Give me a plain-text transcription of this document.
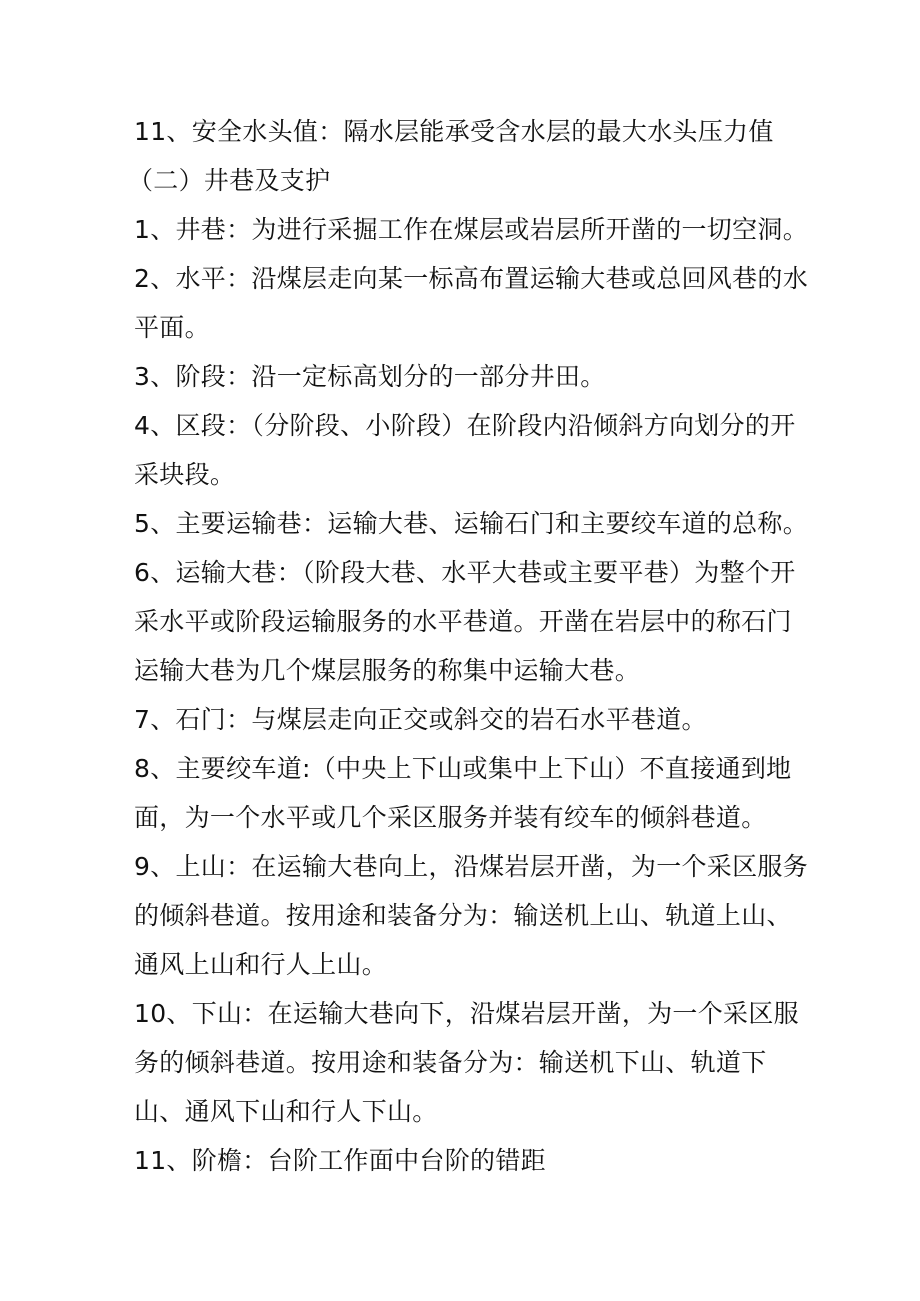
11、安全水头值：隔水层能承受含水层的最大水头压力值
（二）井巷及支护
1、井巷：为进行采掘工作在煤层或岩层所开凿的一切空洞。
2、水平：沿煤层走向某一标高布置运输大巷或总回风巷的水
平面。
3、阶段：沿一定标高划分的一部分井田。
4、区段：（分阶段、小阶段）在阶段内沿倾斜方向划分的开
采块段。
5、主要运输巷：运输大巷、运输石门和主要绞车道的总称。
6、运输大巷：（阶段大巷、水平大巷或主要平巷）为整个开
采水平或阶段运输服务的水平巷道。开凿在岩层中的称石门
运输大巷为几个煤层服务的称集中运输大巷。
7、石门：与煤层走向正交或斜交的岩石水平巷道。
8、主要绞车道:（中央上下山或集中上下山）不直接通到地
面，为一个水平或几个采区服务并装有绞车的倾斜巷道。
9、上山：在运输大巷向上，沿煤岩层开凿，为一个采区服务
的倾斜巷道。按用途和装备分为：输送机上山、轨道上山、
通风上山和行人上山。
10、下山：在运输大巷向下，沿煤岩层开凿，为一个采区服
务的倾斜巷道。按用途和装备分为：输送机下山、轨道下
山、通风下山和行人下山。
11、阶檐：台阶工作面中台阶的错距
